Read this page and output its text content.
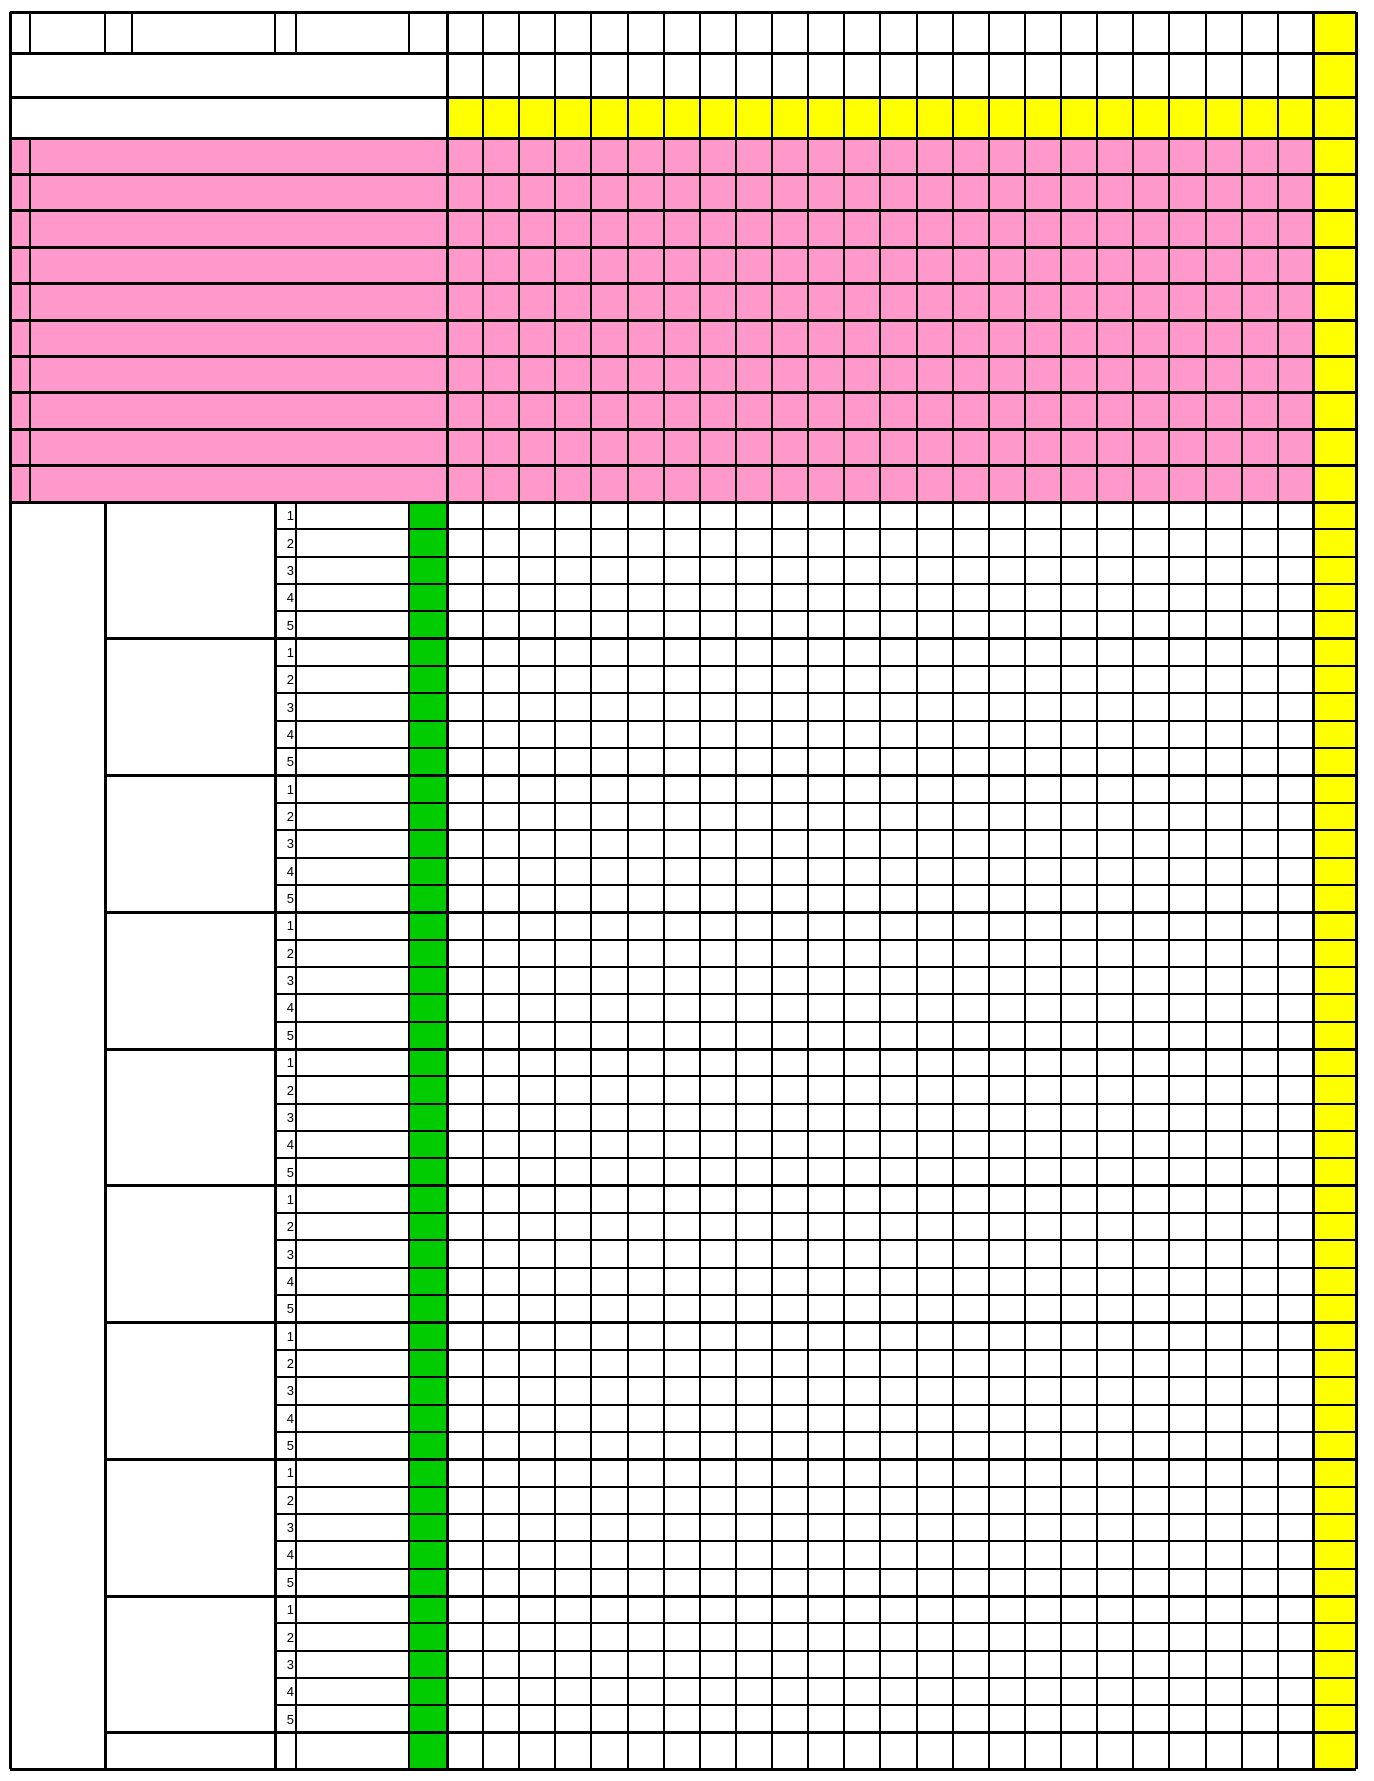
1
2
3
4
5
1
2
3
4
5
1
2
3
4
5
1
2
3
4
5
1
2
3
4
5
1
2
3
4
5
1
2
3
4
5
1
2
3
4
5
1
2
3
4
5
